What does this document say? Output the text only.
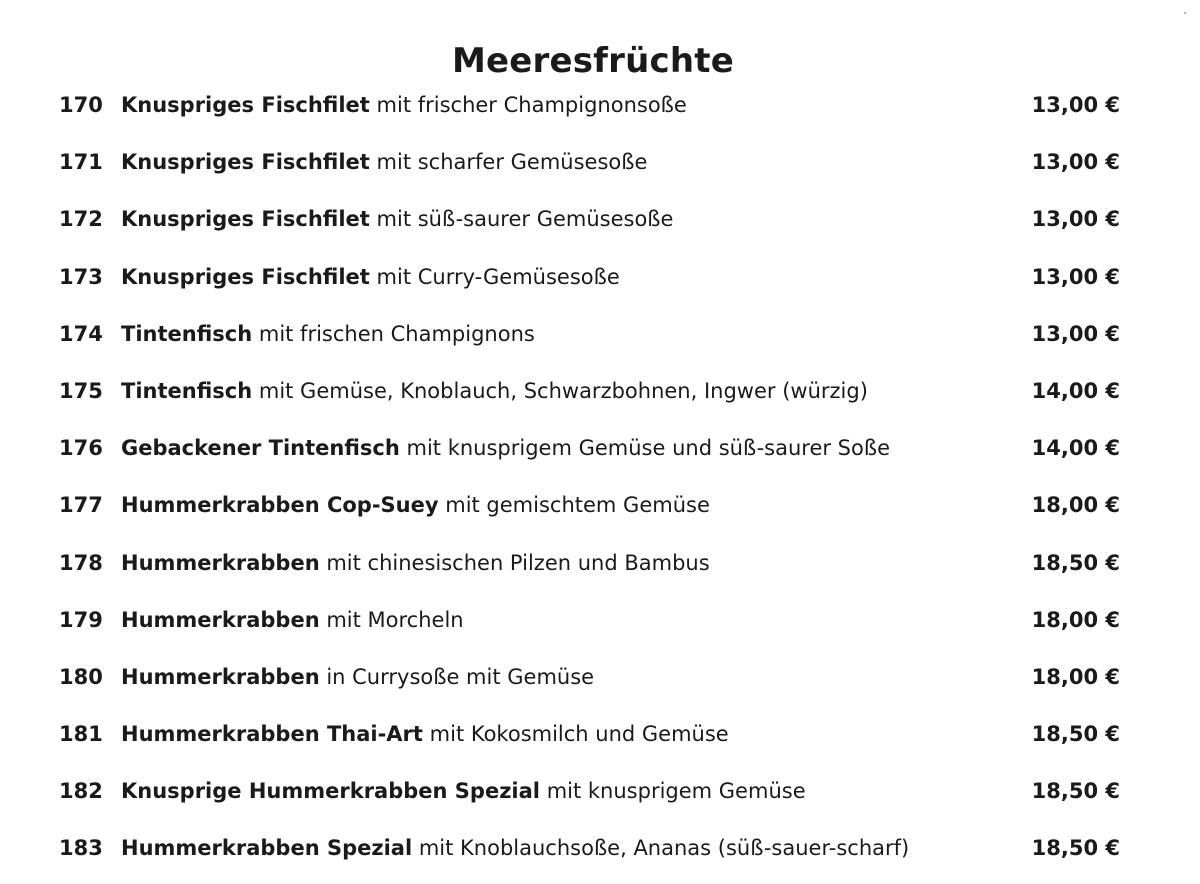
Meeresfrüchte
170 Knuspriges Fischfilet mit frischer Champignonsoße	13,00 €
171 Knuspriges Fischfilet mit scharfer Gemüsesoße	13,00 €
172 Knuspriges Fischfilet mit süß-saurer Gemüsesoße	13,00 €
173 Knuspriges Fischfilet mit Curry-Gemüsesoße	13,00 €
174 Tintenfisch mit frischen Champignons	13,00 €
175 Tintenfisch mit Gemüse, Knoblauch, Schwarzbohnen, Ingwer (würzig)	14,00 €
176 Gebackener Tintenfisch mit knusprigem Gemüse und süß-saurer Soße	14,00 €
177 Hummerkrabben Cop-Suey mit gemischtem Gemüse	18,00 €
178 Hummerkrabben mit chinesischen Pilzen und Bambus	18,50 €
179 Hummerkrabben mit Morcheln	18,00 €
180 Hummerkrabben in Currysoße mit Gemüse	18,00 €
181 Hummerkrabben Thai-Art mit Kokosmilch und Gemüse	18,50 €
182 Knusprige Hummerkrabben Spezial mit knusprigem Gemüse	18,50 €
183 Hummerkrabben Spezial mit Knoblauchsoße, Ananas (süß-sauer-scharf)	18,50 €
